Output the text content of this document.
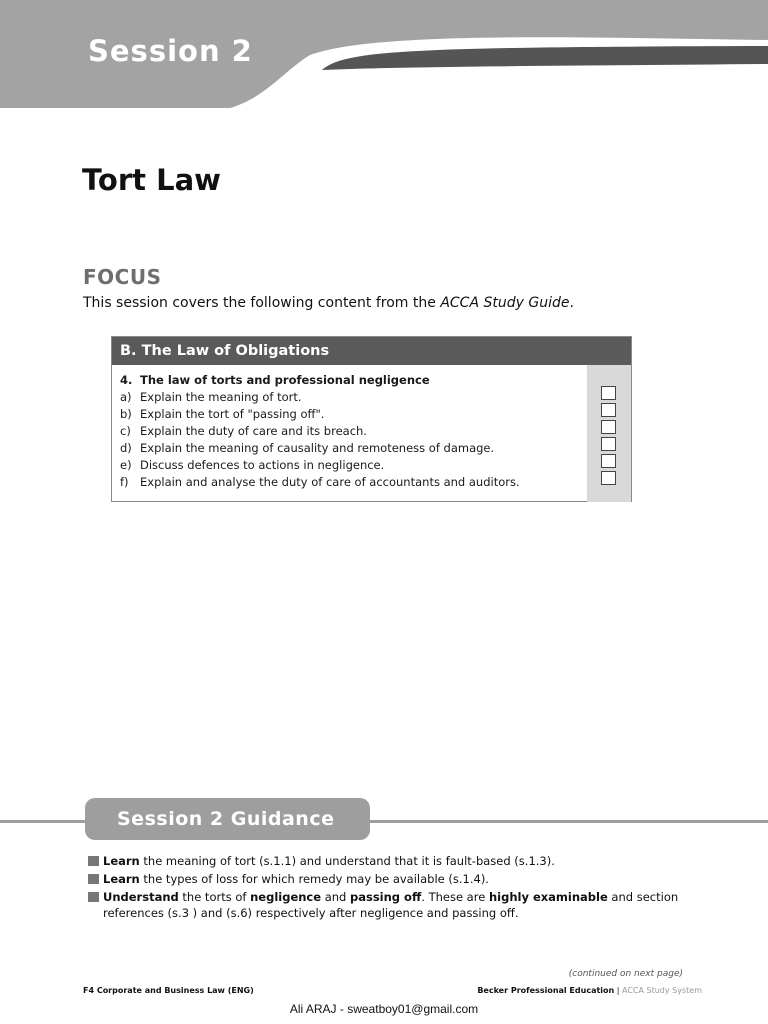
Session 2
Tort Law
FOCUS

This session covers the following content from the ACCA Study Guide.

B. The Law of Obligations
4. The law of torts and professional negligence
a) Explain the meaning of tort.
b) Explain the tort of "passing off".
c) Explain the duty of care and its breach.
d) Explain the meaning of causality and remoteness of damage.
e) Discuss defences to actions in negligence.
f) Explain and analyse the duty of care of accountants and auditors.
Session 2 Guidance
Learn the meaning of tort (s.1.1) and understand that it is fault-based (s.1.3).
Learn the types of loss for which remedy may be available (s.1.4).
Understand the torts of negligence and passing off. These are highly examinable and section references (s.3 ) and (s.6) respectively after negligence and passing off.
(continued on next page)
F4 Corporate and Business Law (ENG)	Becker Professional Education | ACCA Study System
Ali ARAJ - sweatboy01@gmail.com
